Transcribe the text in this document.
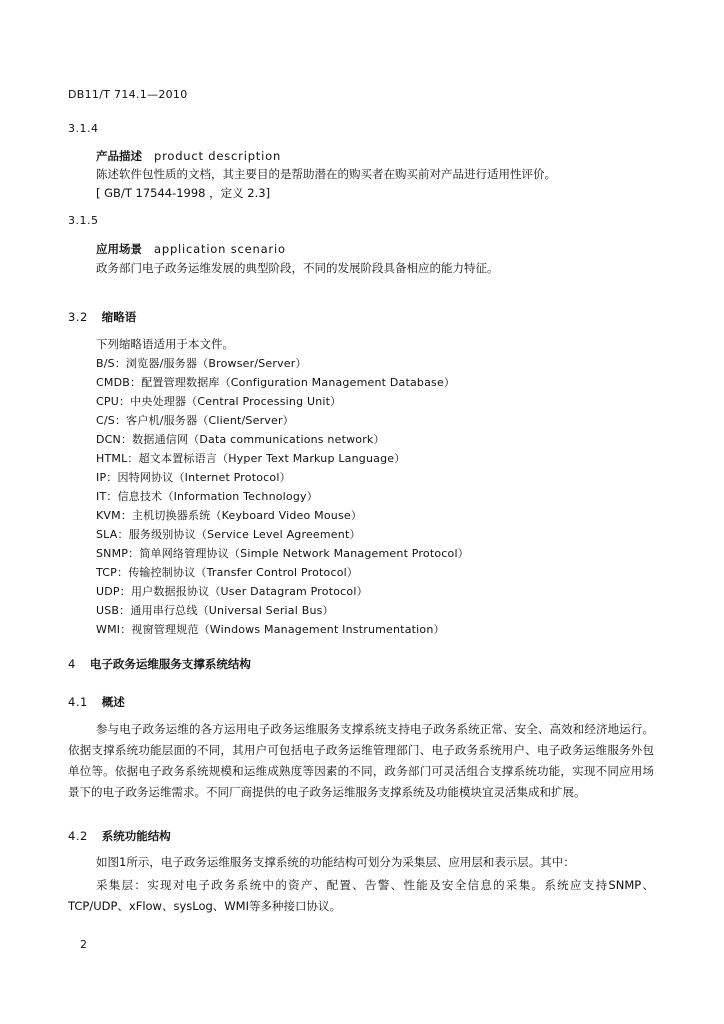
DB11/T 714.1—2010
3.1.4
产品描述 product description
陈述软件包性质的文档，其主要目的是帮助潜在的购买者在购买前对产品进行适用性评价。
[ GB/T 17544-1998 ，定义 2.3]
3.1.5
应用场景 application scenario
政务部门电子政务运维发展的典型阶段，不同的发展阶段具备相应的能力特征。
3.2 缩略语
下列缩略语适用于本文件。
B/S：浏览器/服务器（Browser/Server）
CMDB：配置管理数据库（Configuration Management Database）
CPU：中央处理器（Central Processing Unit）
C/S：客户机/服务器（Client/Server）
DCN：数据通信网（Data communications network）
HTML：超文本置标语言（Hyper Text Markup Language）
IP：因特网协议（Internet Protocol）
IT：信息技术（Information Technology）
KVM：主机切换器系统（Keyboard Video Mouse）
SLA：服务级别协议（Service Level Agreement）
SNMP：简单网络管理协议（Simple Network Management Protocol）
TCP：传输控制协议（Transfer Control Protocol）
UDP：用户数据报协议（User Datagram Protocol）
USB：通用串行总线（Universal Serial Bus）
WMI：视窗管理规范（Windows Management Instrumentation）
4 电子政务运维服务支撑系统结构
4.1 概述
参与电子政务运维的各方运用电子政务运维服务支撑系统支持电子政务系统正常、安全、高效和经济地运行。依据支撑系统功能层面的不同，其用户可包括电子政务运维管理部门、电子政务系统用户、电子政务运维服务外包单位等。依据电子政务系统规模和运维成熟度等因素的不同，政务部门可灵活组合支撑系统功能，实现不同应用场景下的电子政务运维需求。不同厂商提供的电子政务运维服务支撑系统及功能模块宜灵活集成和扩展。
4.2 系统功能结构
如图1所示，电子政务运维服务支撑系统的功能结构可划分为采集层、应用层和表示层。其中：
采集层：实现对电子政务系统中的资产、配置、告警、性能及安全信息的采集。系统应支持SNMP、TCP/UDP、xFlow、sysLog、WMI等多种接口协议。
2
